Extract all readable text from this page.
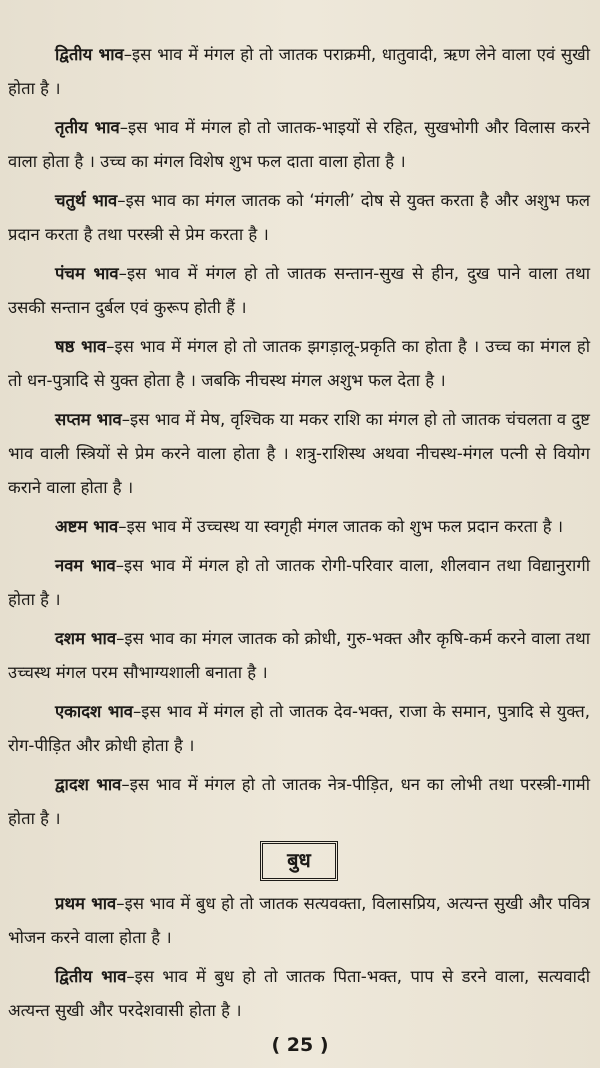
द्वितीय भाव–इस भाव में मंगल हो तो जातक पराक्रमी, धातुवादी, ऋण लेने वाला एवं सुखी होता है ।

तृतीय भाव–इस भाव में मंगल हो तो जातक-भाइयों से रहित, सुखभोगी और विलास करने वाला होता है । उच्च का मंगल विशेष शुभ फल दाता वाला होता है ।

चतुर्थ भाव–इस भाव का मंगल जातक को ‘मंगली’ दोष से युक्त करता है और अशुभ फल प्रदान करता है तथा परस्त्री से प्रेम करता है ।

पंचम भाव–इस भाव में मंगल हो तो जातक सन्तान-सुख से हीन, दुख पाने वाला तथा उसकी सन्तान दुर्बल एवं कुरूप होती हैं ।

षष्ठ भाव–इस भाव में मंगल हो तो जातक झगड़ालू-प्रकृति का होता है । उच्च का मंगल हो तो धन-पुत्रादि से युक्त होता है । जबकि नीचस्थ मंगल अशुभ फल देता है ।

सप्तम भाव–इस भाव में मेष, वृश्चिक या मकर राशि का मंगल हो तो जातक चंचलता व दुष्ट भाव वाली स्त्रियों से प्रेम करने वाला होता है । शत्रु-राशिस्थ अथवा नीचस्थ-मंगल पत्नी से वियोग कराने वाला होता है ।

अष्टम भाव–इस भाव में उच्चस्थ या स्वगृही मंगल जातक को शुभ फल प्रदान करता है ।

नवम भाव–इस भाव में मंगल हो तो जातक रोगी-परिवार वाला, शीलवान तथा विद्यानुरागी होता है ।

दशम भाव–इस भाव का मंगल जातक को क्रोधी, गुरु-भक्त और कृषि-कर्म करने वाला तथा उच्चस्थ मंगल परम सौभाग्यशाली बनाता है ।

एकादश भाव–इस भाव में मंगल हो तो जातक देव-भक्त, राजा के समान, पुत्रादि से युक्त, रोग-पीड़ित और क्रोधी होता है ।

द्वादश भाव–इस भाव में मंगल हो तो जातक नेत्र-पीड़ित, धन का लोभी तथा परस्त्री-गामी होता है ।

बुध

प्रथम भाव–इस भाव में बुध हो तो जातक सत्यवक्ता, विलासप्रिय, अत्यन्त सुखी और पवित्र भोजन करने वाला होता है ।

द्वितीय भाव–इस भाव में बुध हो तो जातक पिता-भक्त, पाप से डरने वाला, सत्यवादी अत्यन्त सुखी और परदेशवासी होता है ।

( 25 )
